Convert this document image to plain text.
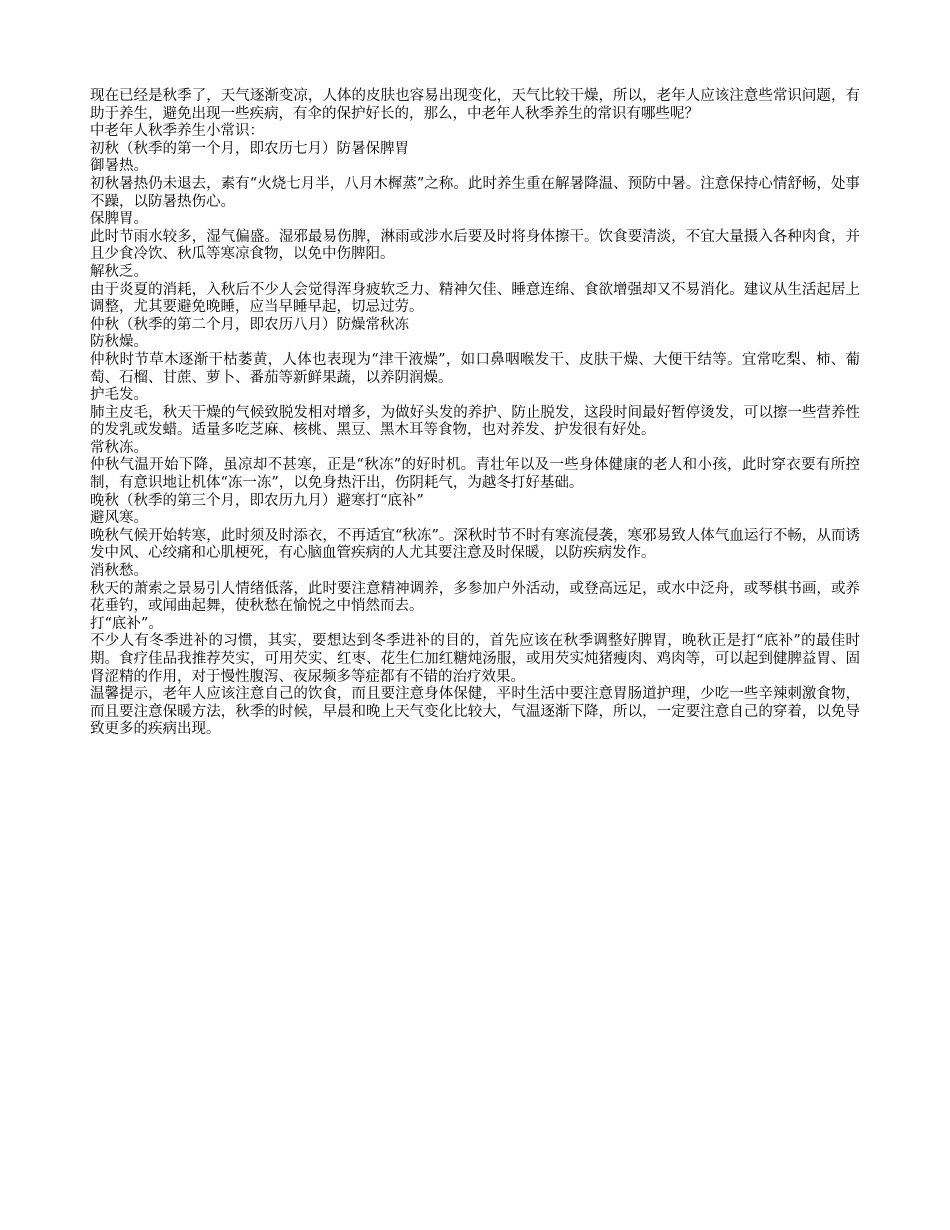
现在已经是秋季了，天气逐渐变凉，人体的皮肤也容易出现变化，天气比较干燥，所以，老年人应该注意些常识问题，有助于养生，避免出现一些疾病，有伞的保护好长的，那么，中老年人秋季养生的常识有哪些呢？

中老年人秋季养生小常识：

初秋（秋季的第一个月，即农历七月）防暑保脾胃

御暑热。

初秋暑热仍未退去，素有“火烧七月半，八月木樨蒸”之称。此时养生重在解暑降温、预防中暑。注意保持心情舒畅，处事不躁，以防暑热伤心。

保脾胃。

此时节雨水较多，湿气偏盛。湿邪最易伤脾，淋雨或涉水后要及时将身体擦干。饮食要清淡，不宜大量摄入各种肉食，并且少食冷饮、秋瓜等寒凉食物，以免中伤脾阳。

解秋乏。

由于炎夏的消耗，入秋后不少人会觉得浑身疲软乏力、精神欠佳、睡意连绵、食欲增强却又不易消化。建议从生活起居上调整，尤其要避免晚睡，应当早睡早起，切忌过劳。

仲秋（秋季的第二个月，即农历八月）防燥常秋冻

防秋燥。

仲秋时节草木逐渐干枯萎黄，人体也表现为“津干液燥”，如口鼻咽喉发干、皮肤干燥、大便干结等。宜常吃梨、柿、葡萄、石榴、甘蔗、萝卜、番茄等新鲜果蔬，以养阴润燥。

护毛发。

肺主皮毛，秋天干燥的气候致脱发相对增多，为做好头发的养护、防止脱发，这段时间最好暂停烫发，可以擦一些营养性的发乳或发蜡。适量多吃芝麻、核桃、黑豆、黑木耳等食物，也对养发、护发很有好处。

常秋冻。

仲秋气温开始下降，虽凉却不甚寒，正是“秋冻”的好时机。青壮年以及一些身体健康的老人和小孩，此时穿衣要有所控制，有意识地让机体“冻一冻”，以免身热汗出，伤阴耗气，为越冬打好基础。

晚秋（秋季的第三个月，即农历九月）避寒打“底补”

避风寒。

晚秋气候开始转寒，此时须及时添衣，不再适宜“秋冻”。深秋时节不时有寒流侵袭，寒邪易致人体气血运行不畅，从而诱发中风、心绞痛和心肌梗死，有心脑血管疾病的人尤其要注意及时保暖，以防疾病发作。

消秋愁。

秋天的萧索之景易引人情绪低落，此时要注意精神调养，多参加户外活动，或登高远足，或水中泛舟，或琴棋书画，或养花垂钓，或闻曲起舞，使秋愁在愉悦之中悄然而去。

打“底补”。

不少人有冬季进补的习惯，其实，要想达到冬季进补的目的，首先应该在秋季调整好脾胃，晚秋正是打“底补”的最佳时期。食疗佳品我推荐芡实，可用芡实、红枣、花生仁加红糖炖汤服，或用芡实炖猪瘦肉、鸡肉等，可以起到健脾益胃、固肾涩精的作用，对于慢性腹泻、夜尿频多等症都有不错的治疗效果。

温馨提示，老年人应该注意自己的饮食，而且要注意身体保健，平时生活中要注意胃肠道护理，少吃一些辛辣刺激食物，而且要注意保暖方法，秋季的时候，早晨和晚上天气变化比较大，气温逐渐下降，所以，一定要注意自己的穿着，以免导致更多的疾病出现。
